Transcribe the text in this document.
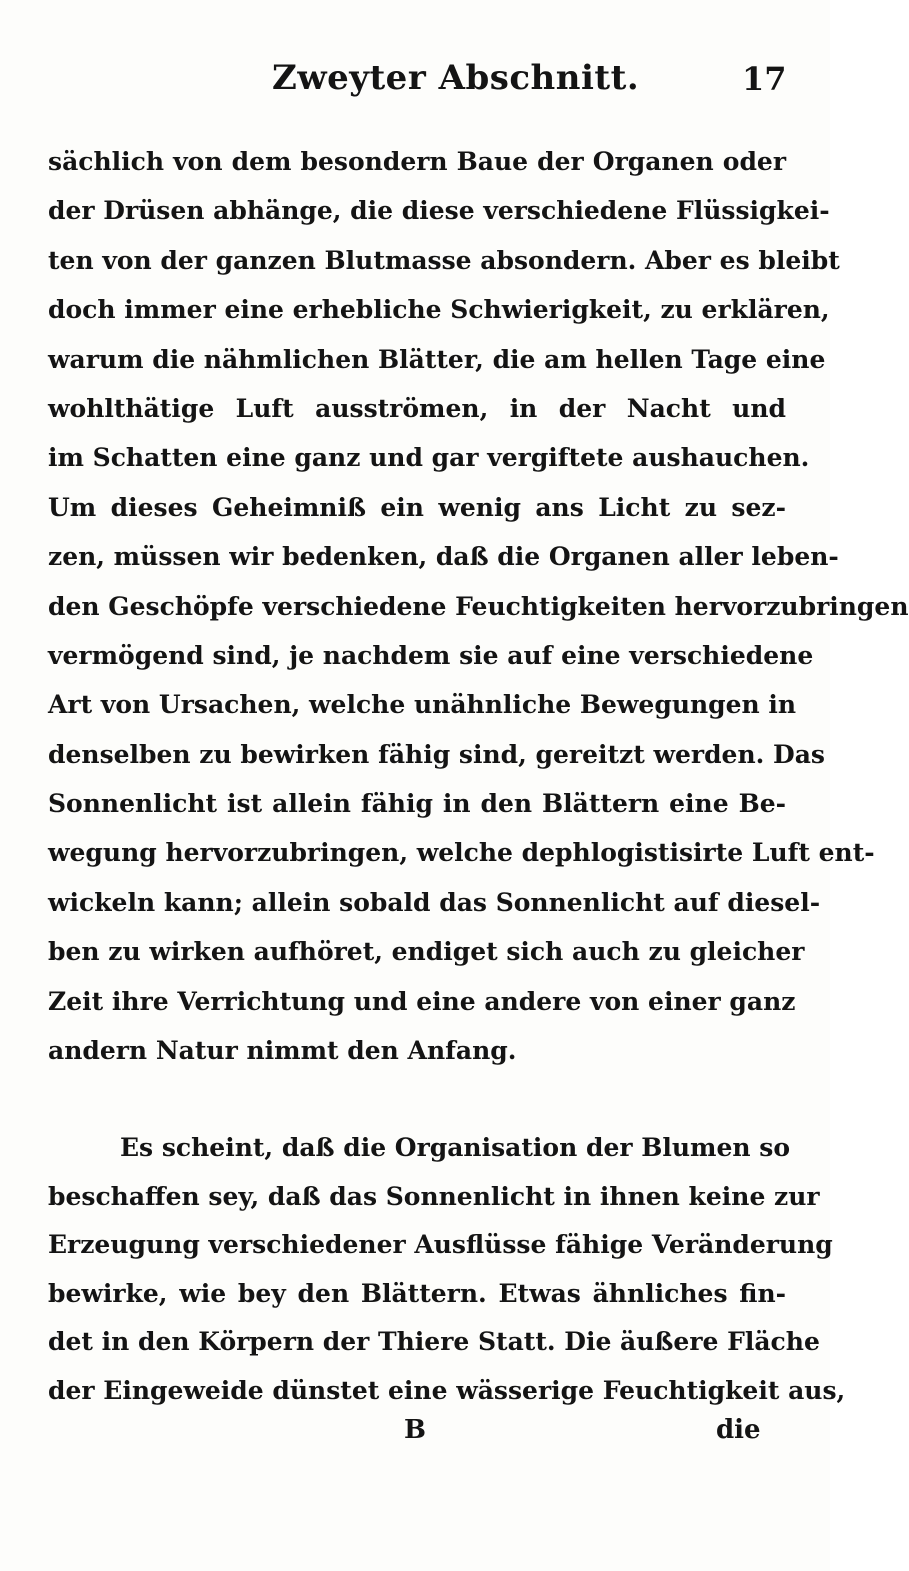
Zweyter Abschnitt.	17
sächlich von dem besondern Baue der Organen oder
der Drüsen abhänge, die diese verschiedene Flüssigkei-
ten von der ganzen Blutmasse absondern. Aber es bleibt
doch immer eine erhebliche Schwierigkeit, zu erklären,
warum die nähmlichen Blätter, die am hellen Tage eine
wohlthätige Luft ausströmen, in der Nacht und
im Schatten eine ganz und gar vergiftete aushauchen.
Um dieses Geheimniß ein wenig ans Licht zu sez-
zen, müssen wir bedenken, daß die Organen aller leben-
den Geschöpfe verschiedene Feuchtigkeiten hervorzubringen
vermögend sind, je nachdem sie auf eine verschiedene
Art von Ursachen, welche unähnliche Bewegungen in
denselben zu bewirken fähig sind, gereitzt werden. Das
Sonnenlicht ist allein fähig in den Blättern eine Be-
wegung hervorzubringen, welche dephlogistisirte Luft ent-
wickeln kann; allein sobald das Sonnenlicht auf diesel-
ben zu wirken aufhöret, endiget sich auch zu gleicher
Zeit ihre Verrichtung und eine andere von einer ganz
andern Natur nimmt den Anfang.
Es scheint, daß die Organisation der Blumen so
beschaffen sey, daß das Sonnenlicht in ihnen keine zur
Erzeugung verschiedener Ausflüsse fähige Veränderung
bewirke, wie bey den Blättern. Etwas ähnliches fin-
det in den Körpern der Thiere Statt. Die äußere Fläche
der Eingeweide dünstet eine wässerige Feuchtigkeit aus,
B	die
